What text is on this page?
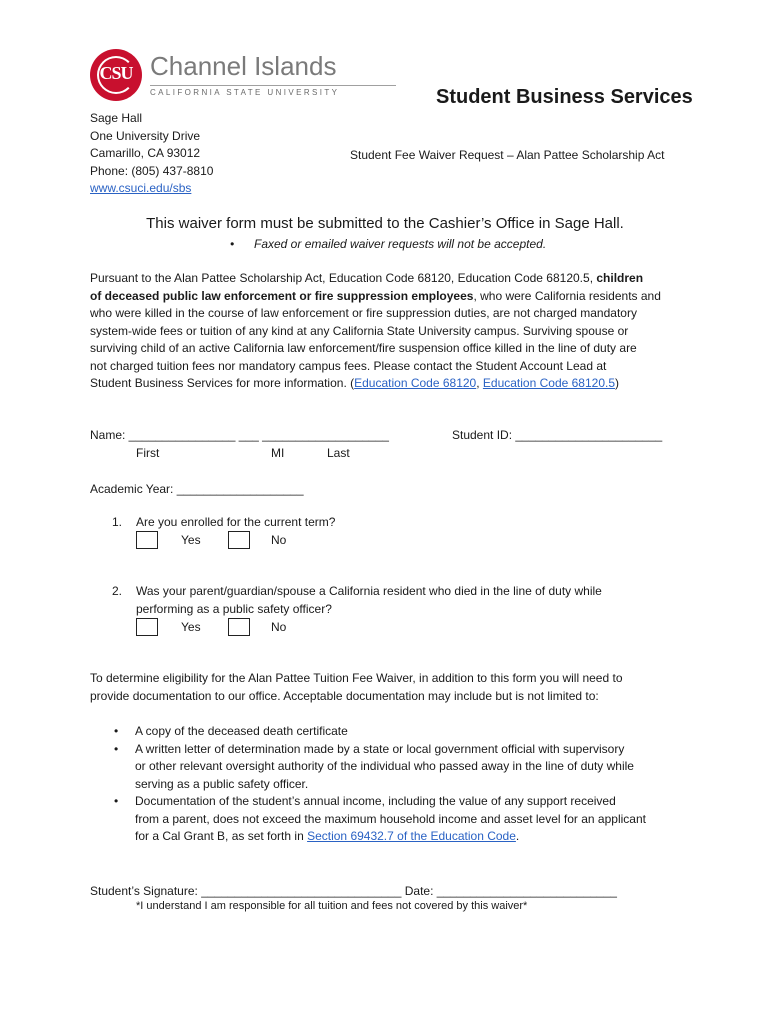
CSU Channel Islands
CALIFORNIA STATE UNIVERSITY	Student Business Services
Sage Hall
One University Drive
Camarillo, CA 93012
Phone: (805) 437-8810
www.csuci.edu/sbs
Student Fee Waiver Request – Alan Pattee Scholarship Act
This waiver form must be submitted to the Cashier’s Office in Sage Hall.
• Faxed or emailed waiver requests will not be accepted.
Pursuant to the Alan Pattee Scholarship Act, Education Code 68120, Education Code 68120.5, children
of deceased public law enforcement or fire suppression employees, who were California residents and
who were killed in the course of law enforcement or fire suppression duties, are not charged mandatory
system-wide fees or tuition of any kind at any California State University campus. Surviving spouse or
surviving child of an active California law enforcement/fire suspension office killed in the line of duty are
not charged tuition fees nor mandatory campus fees. Please contact the Student Account Lead at
Student Business Services for more information. (Education Code 68120, Education Code 68120.5)
Name: ________________ ___ ___________________
First	MI	Last
Student ID: ______________________
Academic Year: ___________________
1. Are you enrolled for the current term?
Yes	No
2. Was your parent/guardian/spouse a California resident who died in the line of duty while
performing as a public safety officer?
Yes	No
To determine eligibility for the Alan Pattee Tuition Fee Waiver, in addition to this form you will need to
provide documentation to our office. Acceptable documentation may include but is not limited to:
• A copy of the deceased death certificate
• A written letter of determination made by a state or local government official with supervisory
or other relevant oversight authority of the individual who passed away in the line of duty while
serving as a public safety officer.
• Documentation of the student’s annual income, including the value of any support received
from a parent, does not exceed the maximum household income and asset level for an applicant
for a Cal Grant B, as set forth in Section 69432.7 of the Education Code.
Student’s Signature: ______________________________ Date: ___________________________
*I understand I am responsible for all tuition and fees not covered by this waiver*
